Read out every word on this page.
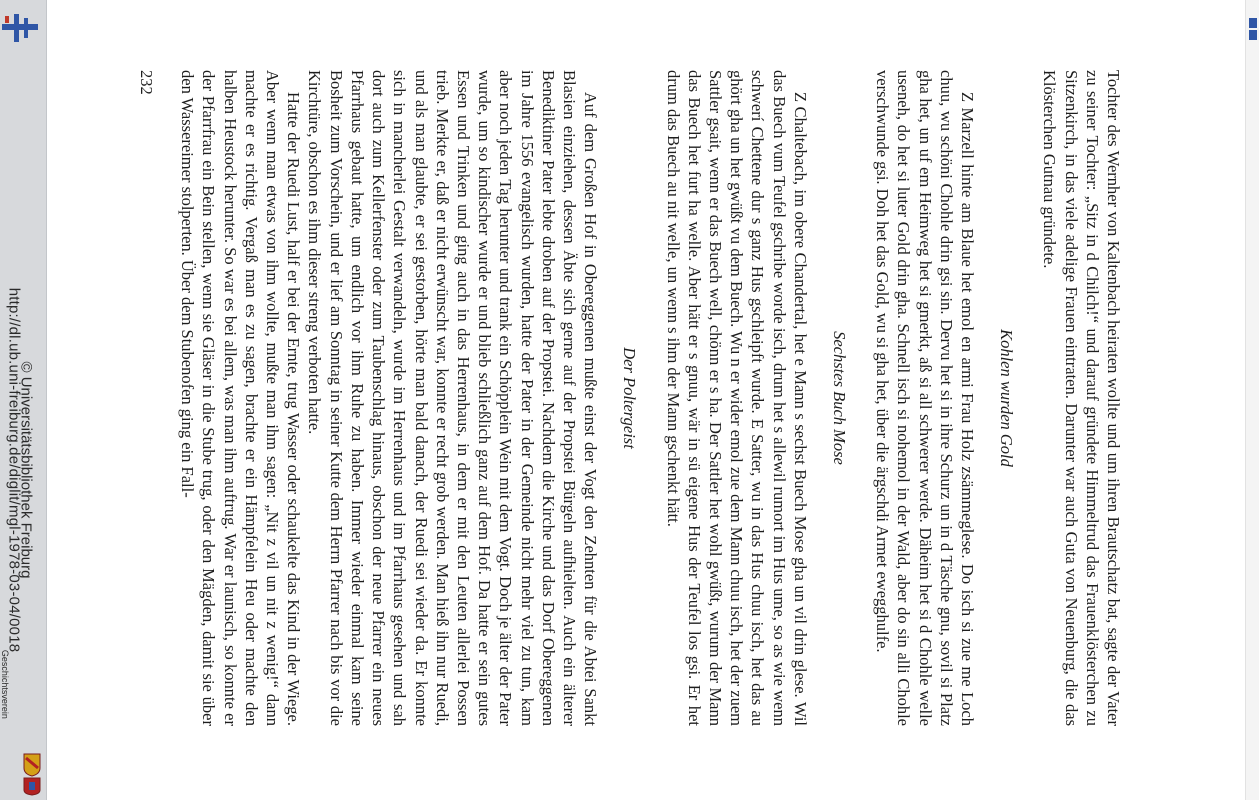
http://dl.ub.uni-freiburg.de/diglit/mgl-1978-03-04/0018
© Universitätsbibliothek Freiburg
Geschichtsverein	Tochter des Wernher von Kaltenbach heiraten wollte und um ihren Brautschatz bat, sagte der Vater zu seiner Tochter: „Sitz in d Chilch!“ und darauf gründete Himmeltrud das Frauenklösterchen zu Sitzenkirch, in das viele adelige Frauen eintraten. Darunter war auch Guta von Neuenburg, die das Klösterchen Gutnau gründete.

Kohlen wurden Gold

Z Marzell hinte am Blaue het emol en armi Frau Holz zsämmeglese. Do isch si zue me Loch chuu, wu schöni Chohle drin gsi sin. Dervu het si in ihre Schurz un in d Täsche gnu, sovil si Platz gha het, un uf em Heimweg het si gmerkt, aß si all schwerer werde. Däheim het si d Chohle welle useneh, do het si luter Gold drin gha. Schnell isch si nohemol in der Wald, aber do sin alli Chohle verschwunde gsi. Doh het das Gold, wu si gha het, über die ärgschdi Armet ewegghulfe.

Sechstes Buch Mose

Z Chaltebach, im obere Chandertal, het e Mann s sechst Buech Mose gha un vil drin glese. Wil das Buech vum Teufel gschribe worde isch, drum het s allewil rumort im Hus ume, so as wie wenn schwerí Chettene dur s ganz Hus gschleipft wurde. E Satter, wu in das Hus chuu isch, het das au ghört gha un het gwüßt vu dem Buech. Wu n er wider emol zue dem Mann chuu isch, het der zuem Sattler gsait, wenn er das Buech well, chönn er s ha. Der Sattler het wohl gwüßt, wurum der Mann das Buech het furt ha welle. Aber hätt er s gnuu, wär in sü eigene Hus der Teufel los gsi. Er het drum das Buech au nit welle, un wenn s ihm der Mann gschenkt hätt.

Der Poltergeist

Auf dem Großen Hof in Obereggenen mußte einst der Vogt den Zehnten für die Abtei Sankt Blasien einziehen, dessen Äbte sich gerne auf der Propstei Bürgeln aufhielten. Auch ein älterer Benediktiner Pater lebte droben auf der Propstei. Nachdem die Kirche und das Dorf Obereggenen im Jahre 1556 evangelisch wurden, hatte der Pater in der Gemeinde nicht mehr viel zu tun, kam aber noch jeden Tag herunter und trank ein Schöpplein Wein mit dem Vogt. Doch je älter der Pater wurde, um so kindischer wurde er und blieb schließlich ganz auf dem Hof. Da hatte er sein gutes Essen und Trinken und ging auch in das Herrenhaus, in dem er mit den Leuten allerlei Possen trieb. Merkte er, daß er nicht erwünscht war, konnte er recht grob werden. Man hieß ihn nur Ruedi, und als man glaubte, er sei gestorben, hörte man bald danach, der Ruedi sei wieder da. Er konnte sich in mancherlei Gestalt verwandeln, wurde im Herrenhaus und im Pfarrhaus gesehen und sah dort auch zum Kellerfenster oder zum Taubenschlag hinaus, obschon der neue Pfarrer ein neues Pfarrhaus gebaut hatte, um endlich vor ihm Ruhe zu haben. Immer wieder einmal kam seine Bosheit zum Vorschein, und er lief am Sonntag in seiner Kutte dem Herrn Pfarrer nach bis vor die Kirchtüre, obschon es ihm dieser streng verboten hatte.

Hatte der Ruedi Lust, half er bei der Ernte, trug Wasser oder schaukelte das Kind in der Wiege. Aber wenn man etwas von ihm wollte, mußte man ihm sagen: „Nit z vil un nit z wenig!“ dann machte er es richtig. Vergaß man es zu sagen, brachte er ein Hämpfelein Heu oder machte den halben Heustock herunter. So war es bei allem, was man ihm auftrug. War er launisch, so konnte er der Pfarrfrau ein Bein stellen, wenn sie Gläser in die Stube trug, oder den Mägden, damit sie über den Wassereimer stolperten. Über dem Stubenofen ging ein Fall-

232
